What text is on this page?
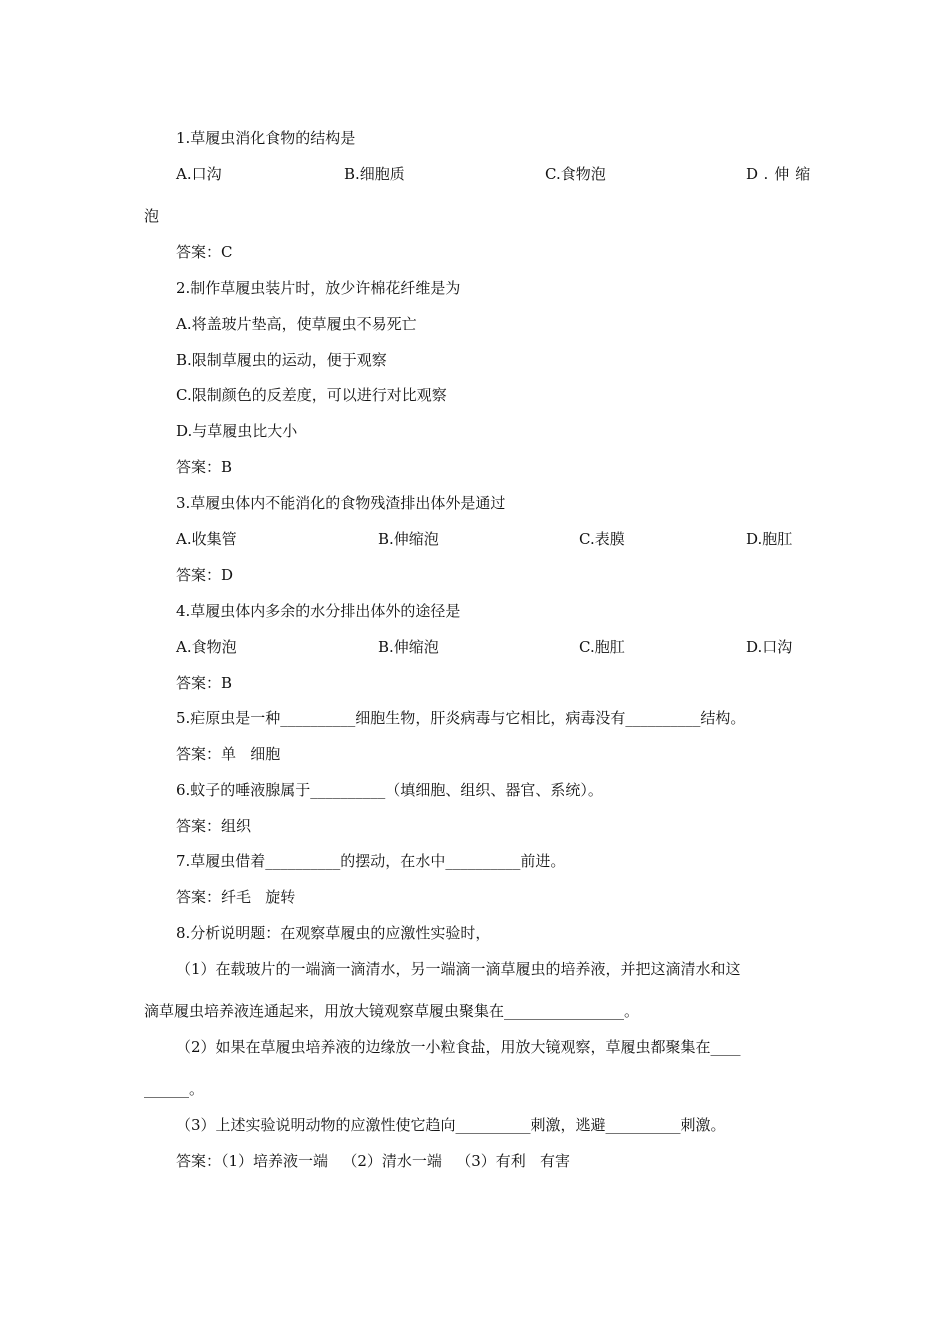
1.草履虫消化食物的结构是
A.口沟	B.细胞质	C.食物泡	D.伸缩
泡
答案：C
2.制作草履虫装片时，放少许棉花纤维是为
A.将盖玻片垫高，使草履虫不易死亡
B.限制草履虫的运动，便于观察
C.限制颜色的反差度，可以进行对比观察
D.与草履虫比大小
答案：B
3.草履虫体内不能消化的食物残渣排出体外是通过
A.收集管	B.伸缩泡	C.表膜	D.胞肛
答案：D
4.草履虫体内多余的水分排出体外的途径是
A.食物泡	B.伸缩泡	C.胞肛	D.口沟
答案：B
5.疟原虫是一种__________细胞生物，肝炎病毒与它相比，病毒没有__________结构。
答案：单   细胞
6.蚊子的唾液腺属于__________（填细胞、组织、器官、系统）。
答案：组织
7.草履虫借着__________的摆动，在水中__________前进。
答案：纤毛   旋转
8.分析说明题：在观察草履虫的应激性实验时，
（1）在载玻片的一端滴一滴清水，另一端滴一滴草履虫的培养液，并把这滴清水和这
滴草履虫培养液连通起来，用放大镜观察草履虫聚集在________________。
（2）如果在草履虫培养液的边缘放一小粒食盐，用放大镜观察，草履虫都聚集在____
______。
（3）上述实验说明动物的应激性使它趋向__________刺激，逃避__________刺激。
答案：（1）培养液一端   （2）清水一端   （3）有利   有害
